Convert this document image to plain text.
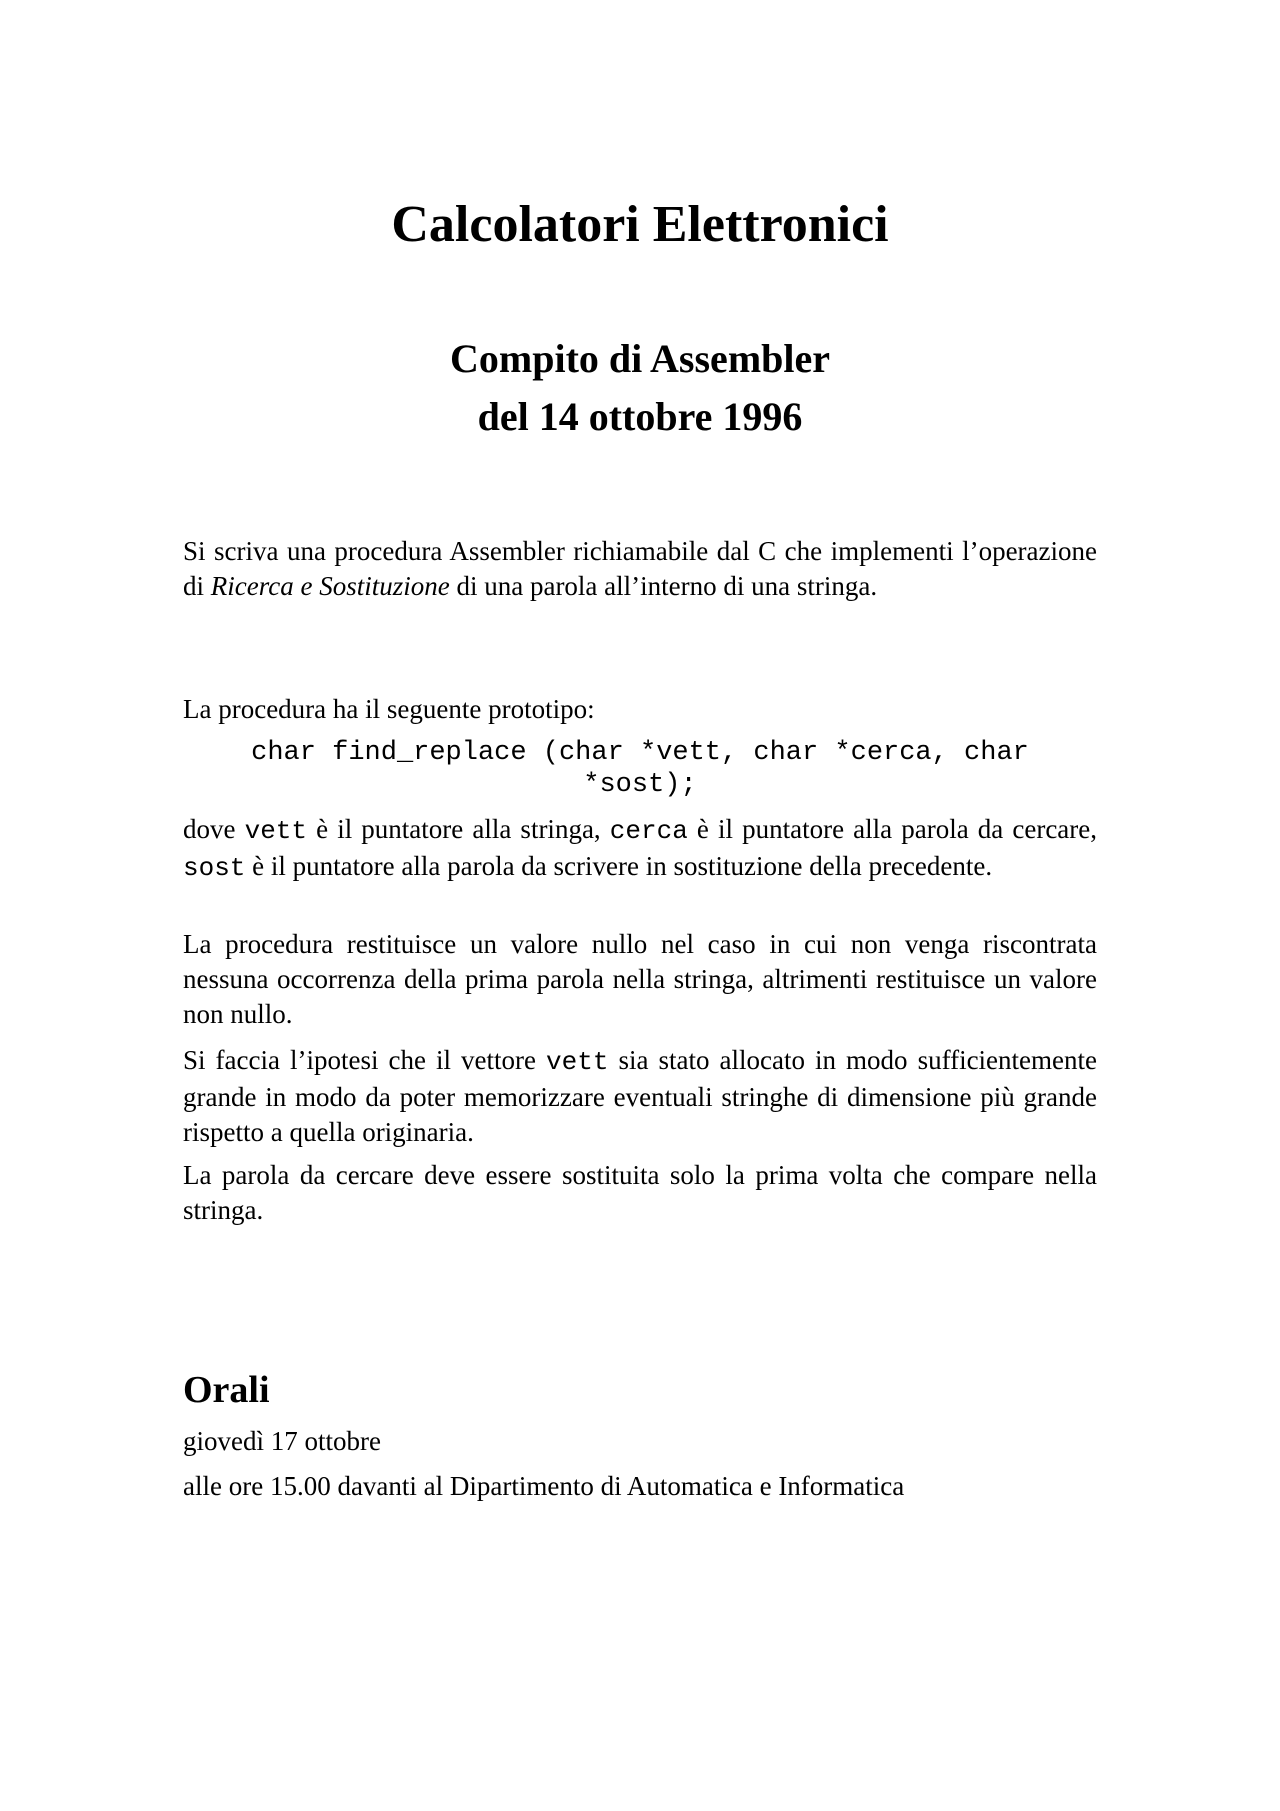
Calcolatori Elettronici
Compito di Assembler
del 14 ottobre 1996

Si scriva una procedura Assembler richiamabile dal C che implementi l’operazione di Ricerca e Sostituzione di una parola all’interno di una stringa.

La procedura ha il seguente prototipo:

char find_replace (char *vett, char *cerca, char
*sost);

dove vett è il puntatore alla stringa, cerca è il puntatore alla parola da cercare, sost è il puntatore alla parola da scrivere in sostituzione della precedente.

La procedura restituisce un valore nullo nel caso in cui non venga riscontrata nessuna occorrenza della prima parola nella stringa, altrimenti restituisce un valore non nullo.

Si faccia l’ipotesi che il vettore vett sia stato allocato in modo sufficientemente grande in modo da poter memorizzare eventuali stringhe di dimensione più grande rispetto a quella originaria.

La parola da cercare deve essere sostituita solo la prima volta che compare nella stringa.

Orali

giovedì 17 ottobre

alle ore 15.00 davanti al Dipartimento di Automatica e Informatica
